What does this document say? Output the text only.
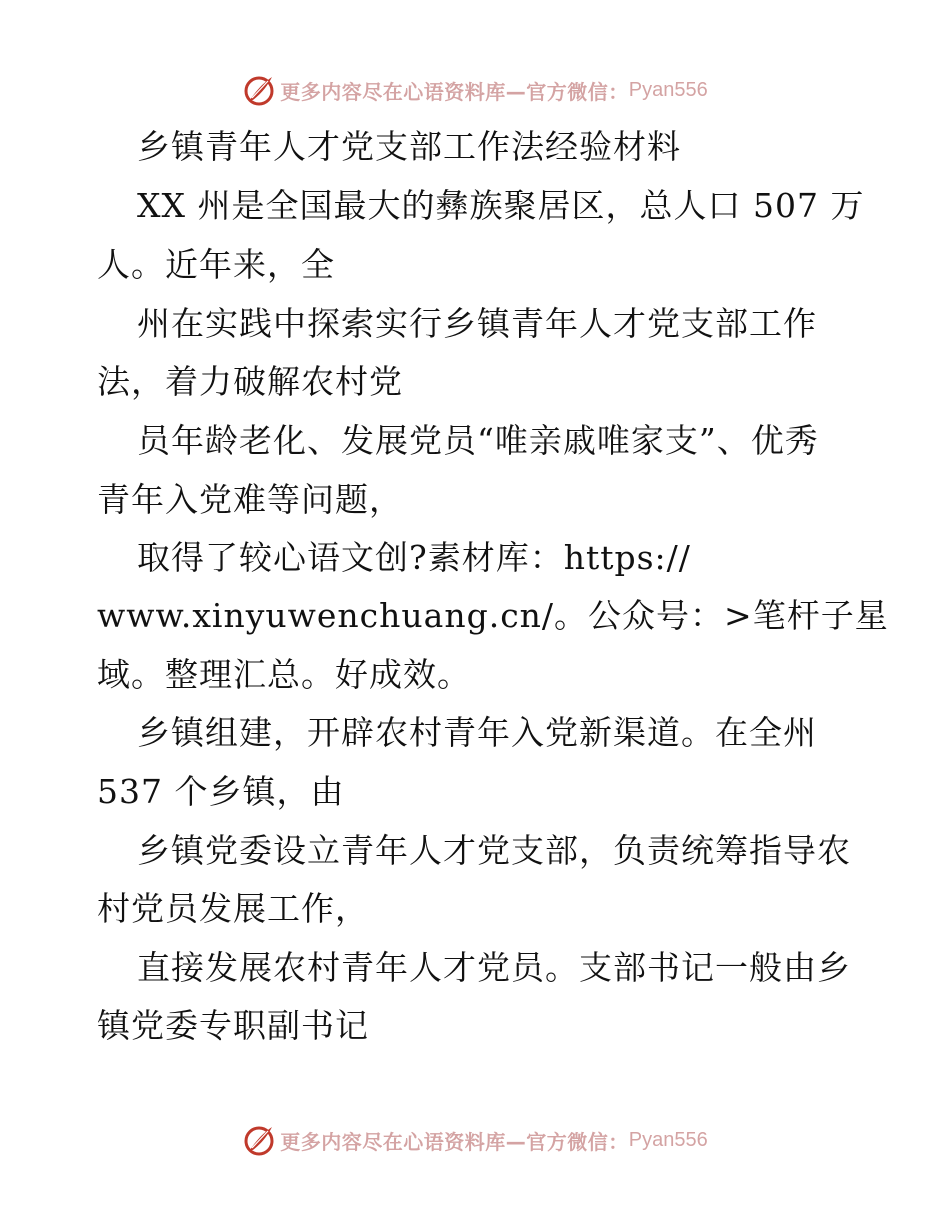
更多内容尽在心语资料库—官方微信： Pyan556
乡镇青年人才党支部工作法经验材料
XX 州是全国最大的彝族聚居区，总人口 507 万
人。近年来，全
州在实践中探索实行乡镇青年人才党支部工作
法，着力破解农村党
员年龄老化、发展党员“唯亲戚唯家支”、优秀
青年入党难等问题，
取得了较心语文创?素材库：https://
www.xinyuwenchuang.cn/。公众号：>笔杆子星
域。整理汇总。好成效。
乡镇组建，开辟农村青年入党新渠道。在全州
537 个乡镇，由
乡镇党委设立青年人才党支部，负责统筹指导农
村党员发展工作，
直接发展农村青年人才党员。支部书记一般由乡
镇党委专职副书记
更多内容尽在心语资料库—官方微信： Pyan556
